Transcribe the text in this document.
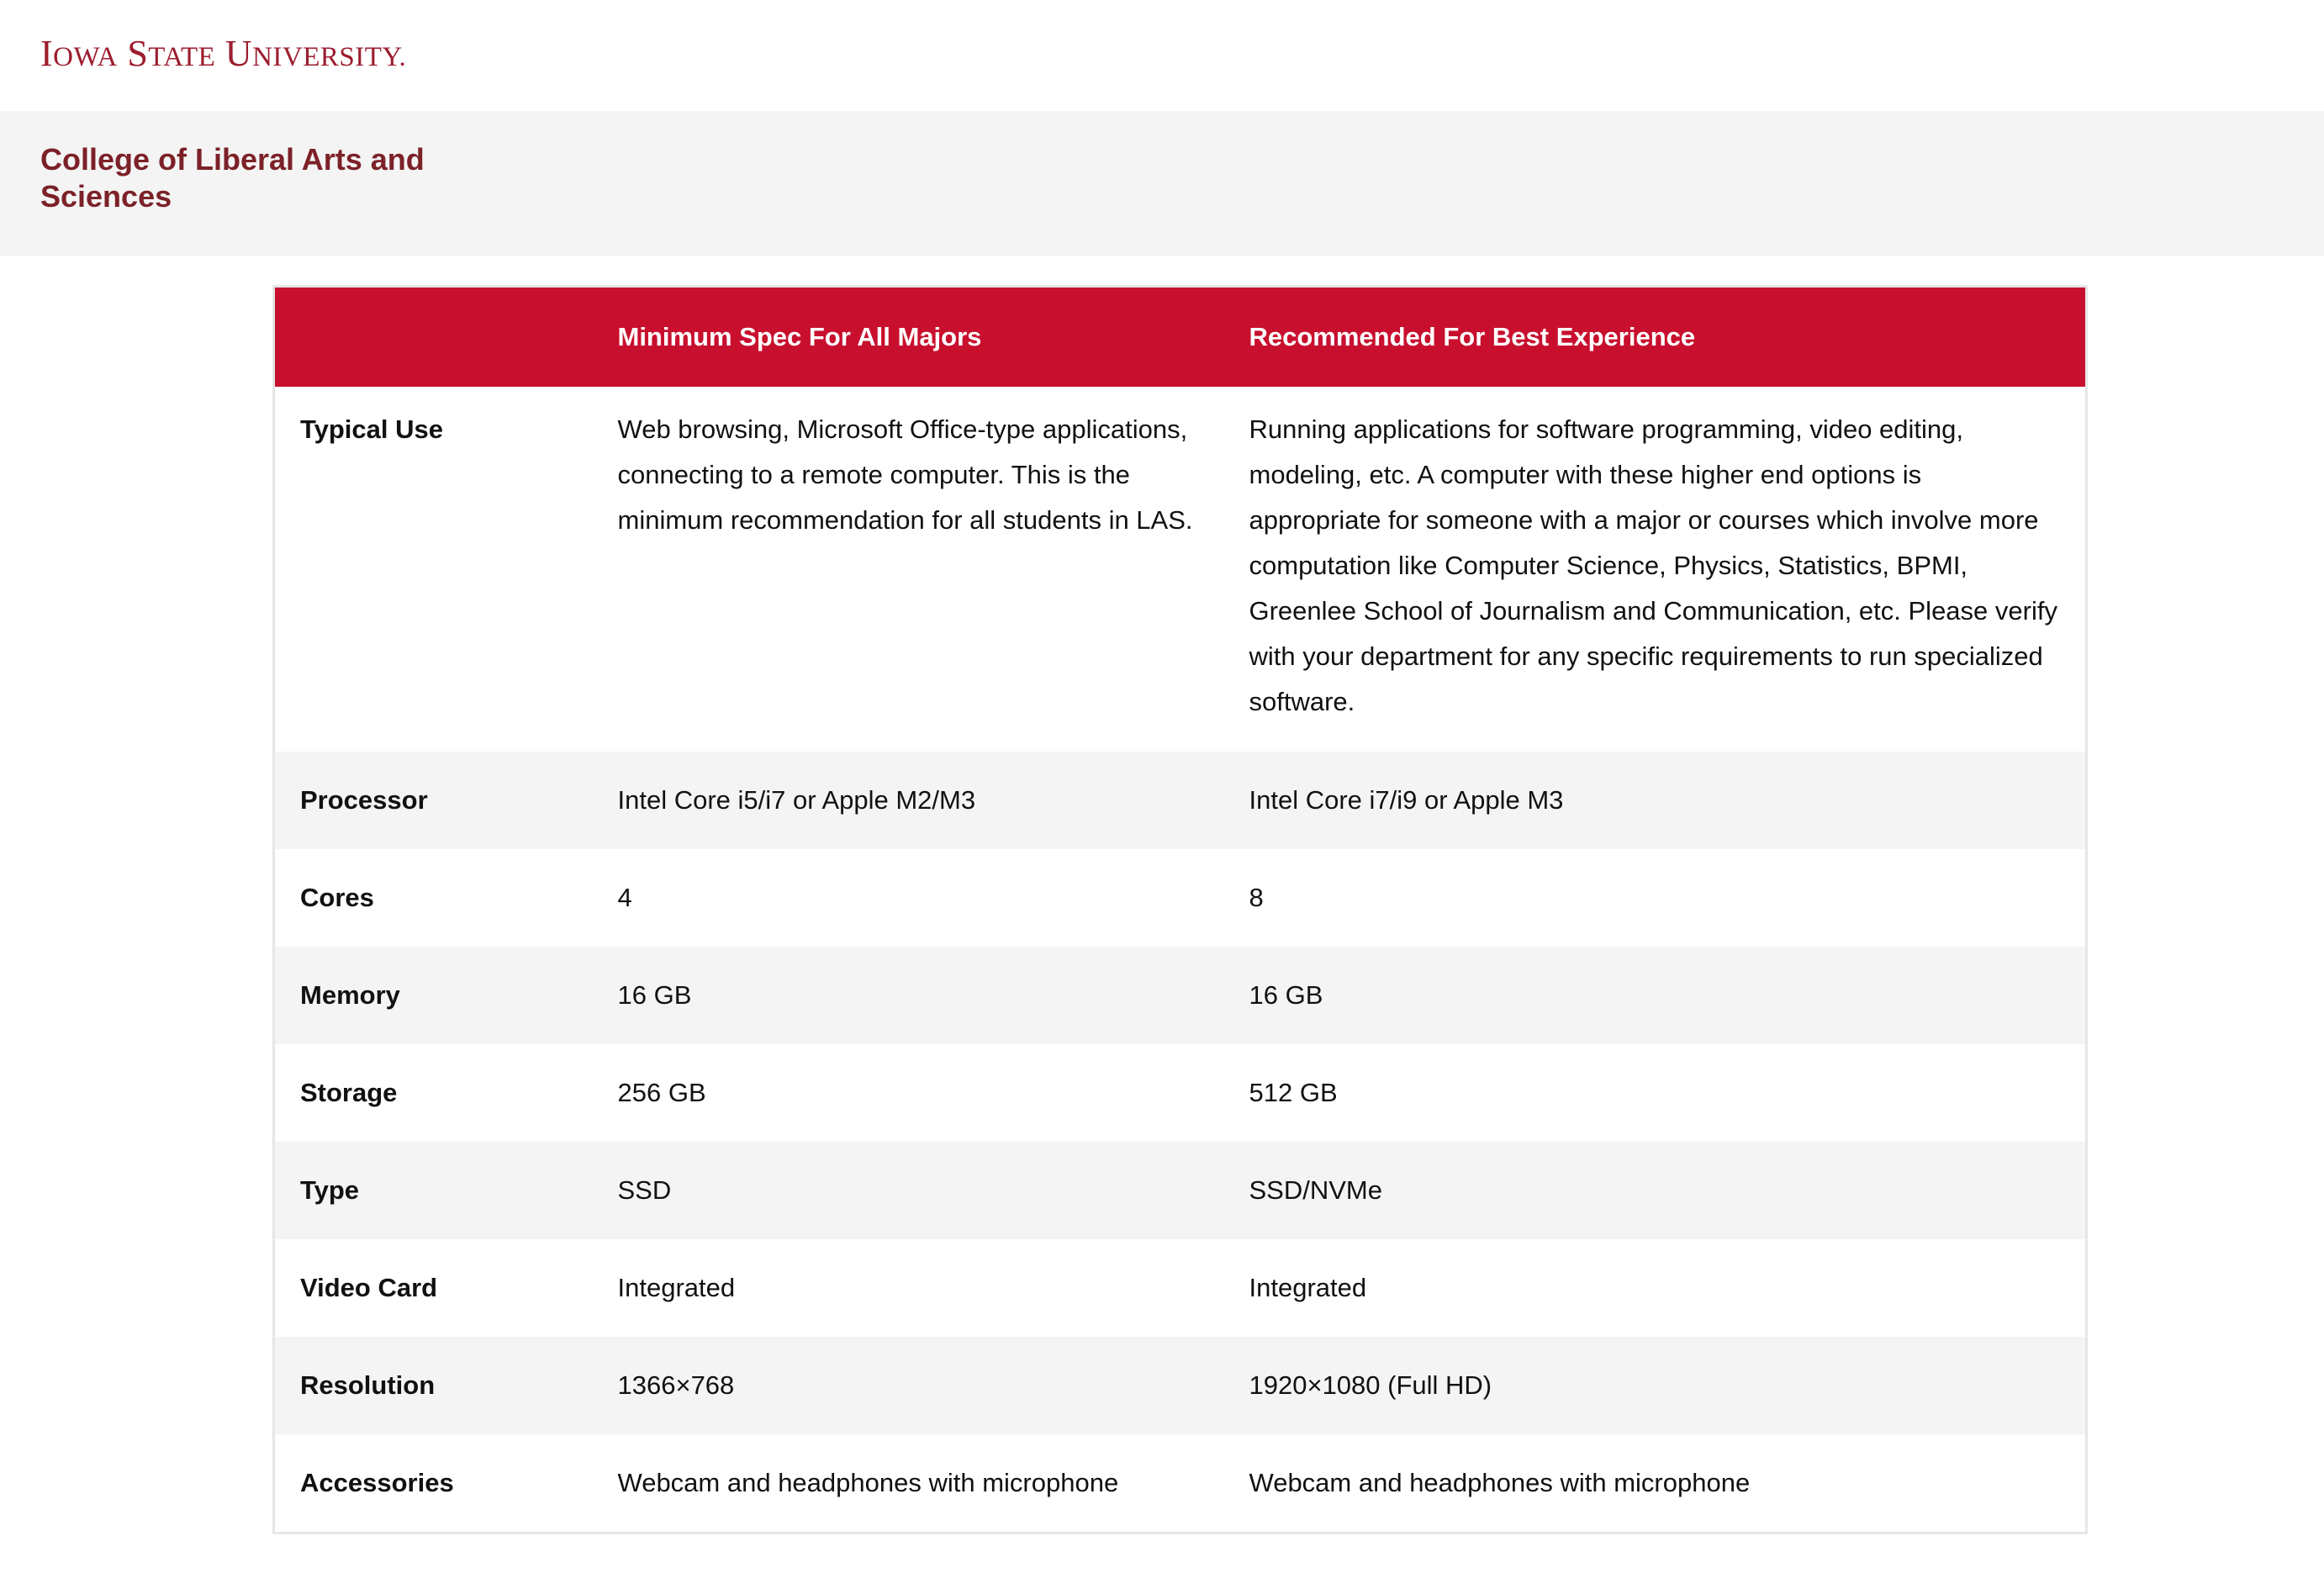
IOWA STATE UNIVERSITY.
College of Liberal Arts and Sciences
	Minimum Spec For All Majors	Recommended For Best Experience
Typical Use	Web browsing, Microsoft Office-type applications, connecting to a remote computer. This is the minimum recommendation for all students in LAS.	Running applications for software programming, video editing, modeling, etc. A computer with these higher end options is appropriate for someone with a major or courses which involve more computation like Computer Science, Physics, Statistics, BPMI, Greenlee School of Journalism and Communication, etc. Please verify with your department for any specific requirements to run specialized software.
Processor	Intel Core i5/i7 or Apple M2/M3	Intel Core i7/i9 or Apple M3
Cores	4	8
Memory	16 GB	16 GB
Storage	256 GB	512 GB
Type	SSD	SSD/NVMe
Video Card	Integrated	Integrated
Resolution	1366×768	1920×1080 (Full HD)
Accessories	Webcam and headphones with microphone	Webcam and headphones with microphone
